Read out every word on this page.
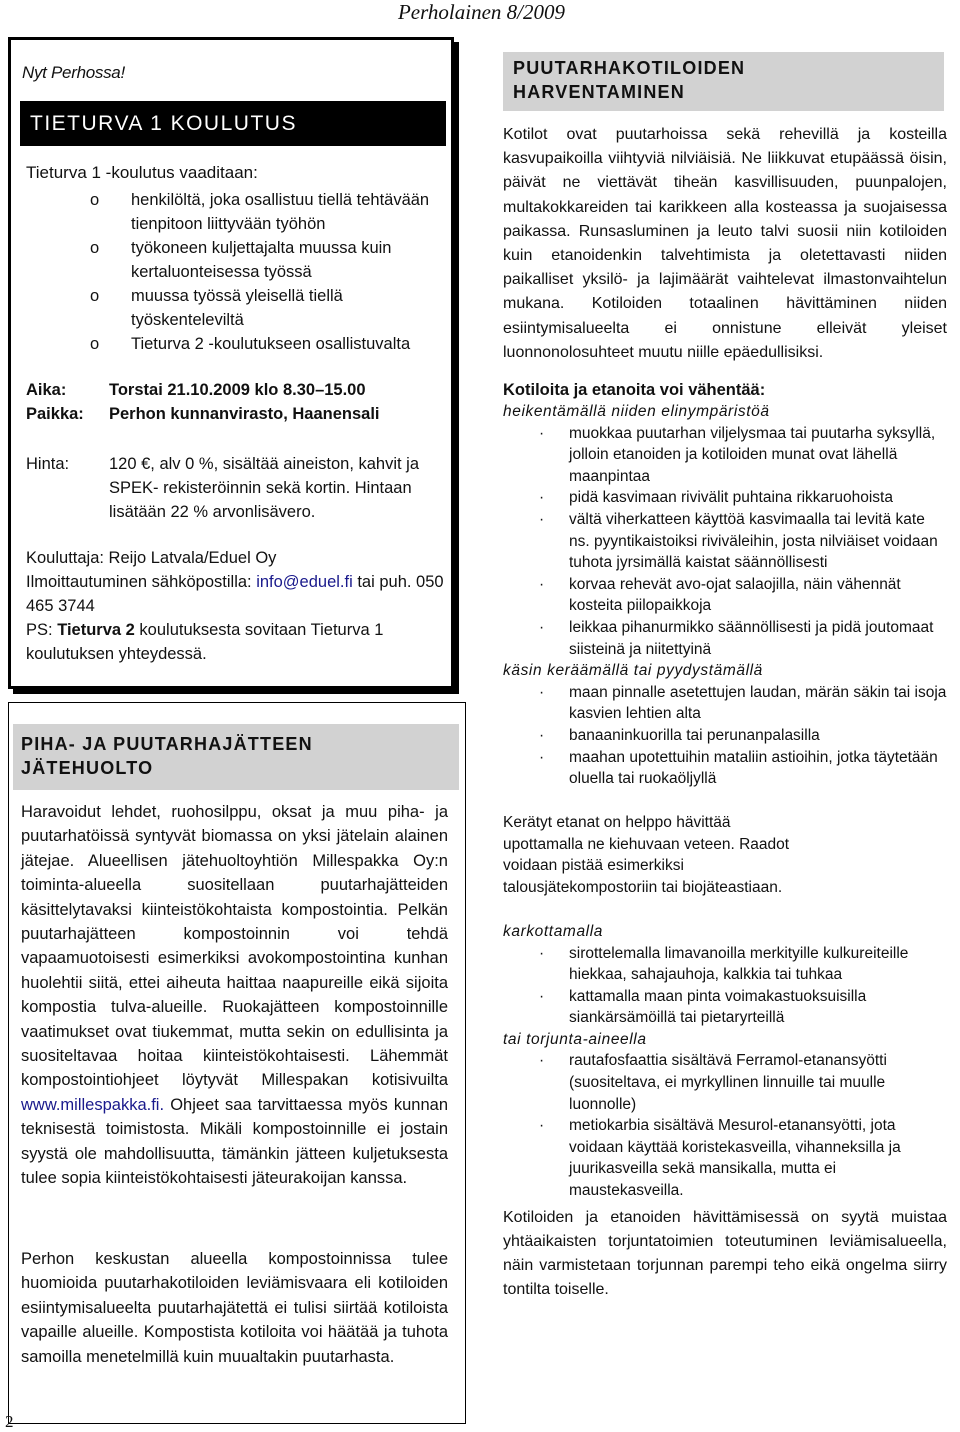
Perholainen 8/2009
Nyt Perhossa!
TIETURVA 1 KOULUTUS
Tieturva 1 -koulutus vaaditaan:
o henkilöltä, joka osallistuu tiellä tehtävään tienpitoon liittyvään työhön
o työkoneen kuljettajalta muussa kuin kertaluonteisessa työssä
o muussa työssä yleisellä tiellä työskenteleviltä
o Tieturva 2 -koulutukseen osallistuvalta
Aika:	Torstai 21.10.2009 klo 8.30–15.00
Paikka: Perhon kunnanvirasto, Haanensali
Hinta: 120 €, alv 0 %, sisältää aineiston, kahvit ja SPEK- rekisteröinnin sekä kortin. Hintaan lisätään 22 % arvonlisävero.
Kouluttaja: Reijo Latvala/Eduel Oy
Ilmoittautuminen sähköpostilla: info@eduel.fi tai puh. 050 465 3744
PS: Tieturva 2 koulutuksesta sovitaan Tieturva 1 koulutuksen yhteydessä.
PIHA- JA PUUTARHAJÄTTEEN
JÄTEHUOLTO
Haravoidut lehdet, ruohosilppu, oksat ja muu piha- ja puutarhatöissä syntyvät biomassa on yksi jätelain alainen jätejae. Alueellisen jätehuoltoyhtiön Millespakka Oy:n toiminta-alueella suositellaan puutarhajätteiden käsittelytavaksi kiinteistökohtaista kompostointia. Pelkän puutarhajätteen kompostoinnin voi tehdä vapaamuotoisesti esimerkiksi avokompostointina kunhan huolehtii siitä, ettei aiheuta haittaa naapureille eikä sijoita kompostia tulva-alueille. Ruokajätteen kompostoinnille vaatimukset ovat tiukemmat, mutta sekin on edullisinta ja suositeltavaa hoitaa kiinteistökohtaisesti. Lähemmät kompostointiohjeet löytyvät Millespakan kotisivuilta www.millespakka.fi. Ohjeet saa tarvittaessa myös kunnan teknisestä toimistosta. Mikäli kompostoinnille ei jostain syystä ole mahdollisuutta, tämänkin jätteen kuljetuksesta tulee sopia kiinteistökohtaisesti jäteurakoijan kanssa.
Perhon keskustan alueella kompostoinnissa tulee huomioida puutarhakotiloiden leviämisvaara eli kotiloiden esiintymisalueelta puutarhajätettä ei tulisi siirtää kotiloista vapaille alueille. Kompostista kotiloita voi häätää ja tuhota samoilla menetelmillä kuin muualtakin puutarhasta.
PUUTARHAKOTILOIDEN
HARVENTAMINEN
Kotilot ovat puutarhoissa sekä rehevillä ja kosteilla kasvupaikoilla viihtyviä nilviäisiä. Ne liikkuvat etupäässä öisin, päivät ne viettävät tiheän kasvillisuuden, puunpalojen, multakokkareiden tai karikkeen alla kosteassa ja suojaisessa paikassa. Runsasluminen ja leuto talvi suosii niin kotiloiden kuin etanoidenkin talvehtimista ja oletettavasti niiden paikalliset yksilö- ja lajimäärät vaihtelevat ilmastonvaihtelun mukana. Kotiloiden totaalinen hävittäminen niiden esiintymisalueelta ei onnistune elleivät yleiset luonnonolosuhteet muutu niille epäedullisiksi.
Kotiloita ja etanoita voi vähentää:
heikentämällä niiden elinympäristöä
· muokkaa puutarhan viljelysmaa tai puutarha syksyllä, jolloin etanoiden ja kotiloiden munat ovat lähellä maanpintaa
· pidä kasvimaan rivivälit puhtaina rikkaruohoista
· vältä viherkatteen käyttöä kasvimaalla tai levitä kate ns. pyyntikaistoiksi riviväleihin, josta nilviäiset voidaan tuhota jyrsimällä kaistat säännöllisesti
· korvaa rehevät avo-ojat salaojilla, näin vähennät kosteita piilopaikkoja
· leikkaa pihanurmikko säännöllisesti ja pidä joutomaat siisteinä ja niitettyinä
käsin keräämällä tai pyydystämällä
· maan pinnalle asetettujen laudan, märän säkin tai isoja kasvien lehtien alta
· banaaninkuorilla tai perunanpalasilla
· maahan upotettuihin mataliin astioihin, jotka täytetään oluella tai ruokaöljyllä
Kerätyt etanat on helppo hävittää upottamalla ne kiehuvaan veteen. Raadot voidaan pistää esimerkiksi talousjätekompostoriin tai biojäteastiaan.
karkottamalla
· sirottelemalla limavanoilla merkityille kulkureiteille hiekkaa, sahajauhoja, kalkkia tai tuhkaa
· kattamalla maan pinta voimakastuoksuisilla siankärsämöillä tai pietaryrteillä
tai torjunta-aineella
· rautafosfaattia sisältävä Ferramol-etanansyötti (suositeltava, ei myrkyllinen linnuille tai muulle luonnolle)
· metiokarbia sisältävä Mesurol-etanansyötti, jota voidaan käyttää koristekasveilla, vihanneksilla ja juurikasveilla sekä mansikalla, mutta ei maustekasveilla.
Kotiloiden ja etanoiden hävittämisessä on syytä muistaa yhtäaikaisten torjuntatoimien toteutuminen leviämisalueella, näin varmistetaan torjunnan parempi teho eikä ongelma siirry tontilta toiselle.
2
